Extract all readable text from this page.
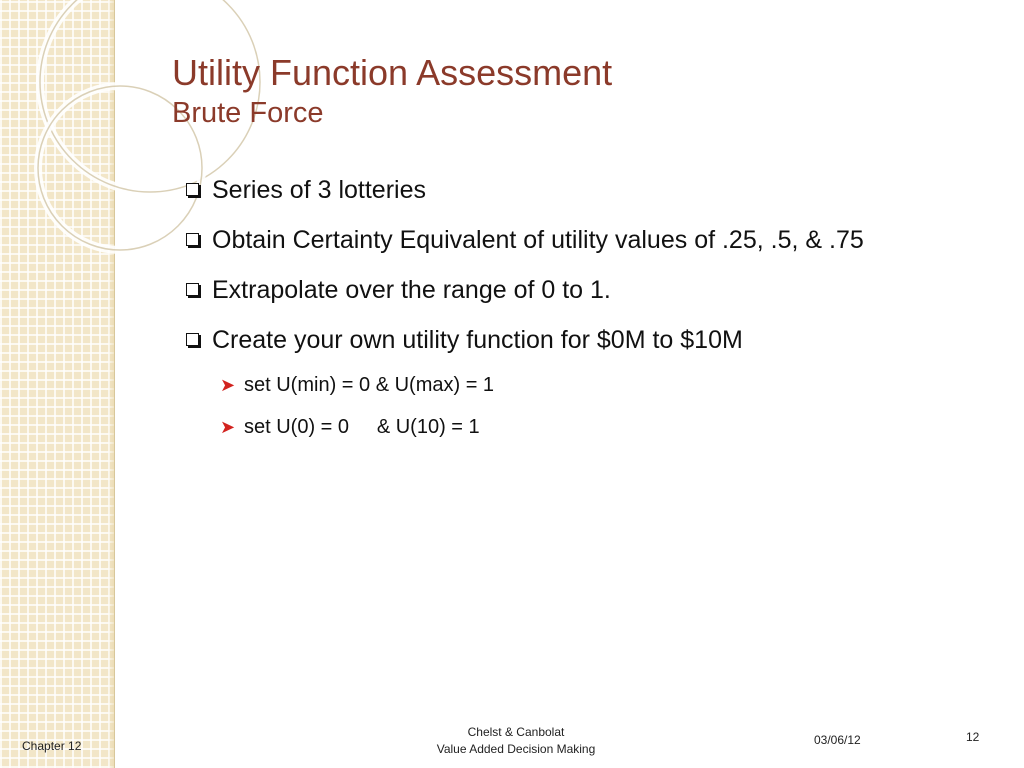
Utility Function Assessment
Brute Force
Series of 3 lotteries
Obtain Certainty Equivalent of utility values of .25, .5, & .75
Extrapolate over the range of 0 to 1.
Create your own utility function for $0M to $10M
➤ set U(min) = 0 & U(max) = 1
➤ set U(0) = 0     & U(10) = 1
Chapter 12
Chelst & Canbolat
Value Added Decision Making
03/06/12	12
